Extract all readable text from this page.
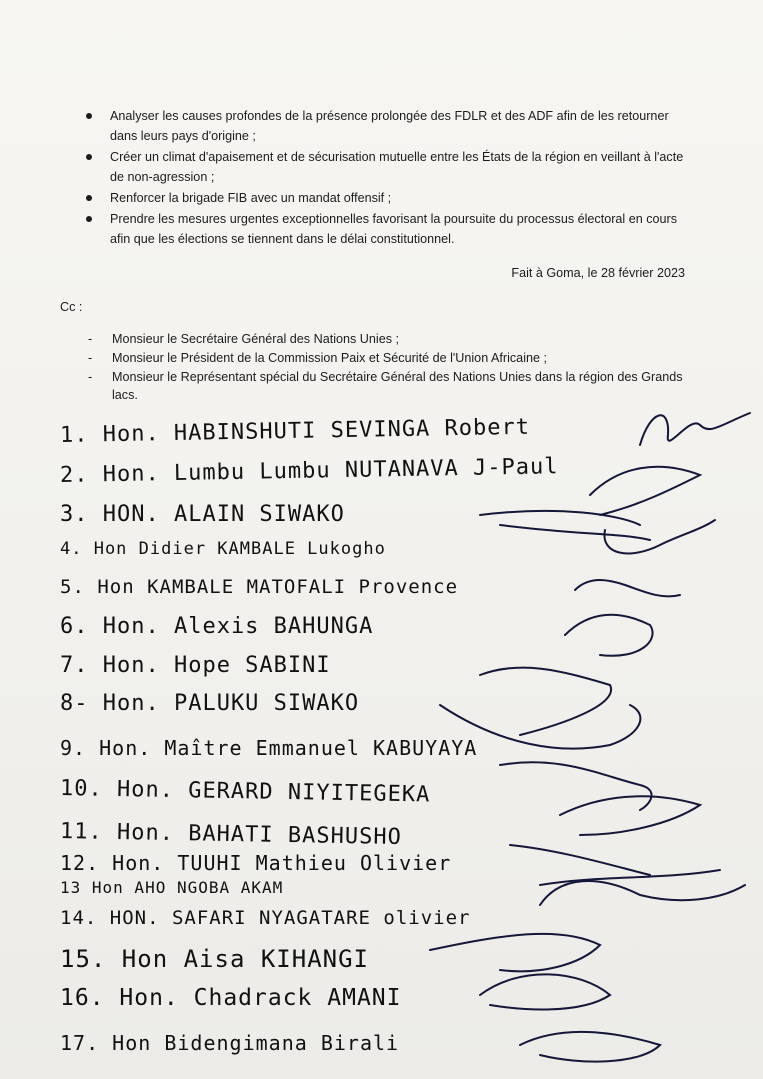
Analyser les causes profondes de la présence prolongée des FDLR et des ADF afin de les retourner dans leurs pays d'origine ;
Créer un climat d'apaisement et de sécurisation mutuelle entre les États de la région en veillant à l'acte de non-agression ;
Renforcer la brigade FIB avec un mandat offensif ;
Prendre les mesures urgentes exceptionnelles favorisant la poursuite du processus électoral en cours afin que les élections se tiennent dans le délai constitutionnel.
Fait à Goma, le 28 février 2023
Cc :
- Monsieur le Secrétaire Général des Nations Unies ;
- Monsieur le Président de la Commission Paix et Sécurité de l'Union Africaine ;
- Monsieur le Représentant spécial du Secrétaire Général des Nations Unies dans la région des Grands lacs.
1. Hon. HABINSHUTI SEVINGA Robert
2. Hon. Lumbu Lumbu NUTANAVA J-Paul
3. HON. ALAIN SIWAKO
4. Hon Didier KAMBALE Lukogho
5. Hon KAMBALE MATOFALI Provence
6. Hon. Alexis BAHUNGA
7. Hon. Hope SABINI
8- Hon. PALUKU SIWAKO
9. Hon. Maître Emmanuel KABUYAYA
10. Hon. GERARD NIYITEGEKA
11. Hon. BAHATI BASHUSHO
12. Hon. TUUHI Mathieu Olivier
13 Hon AHO NGOBA AKAM
14. HON. SAFARI NYAGATARE olivier
15. Hon Aisa KIHANGI
16. Hon. Chadrack AMANI
17. Hon Bidengimana Birali
